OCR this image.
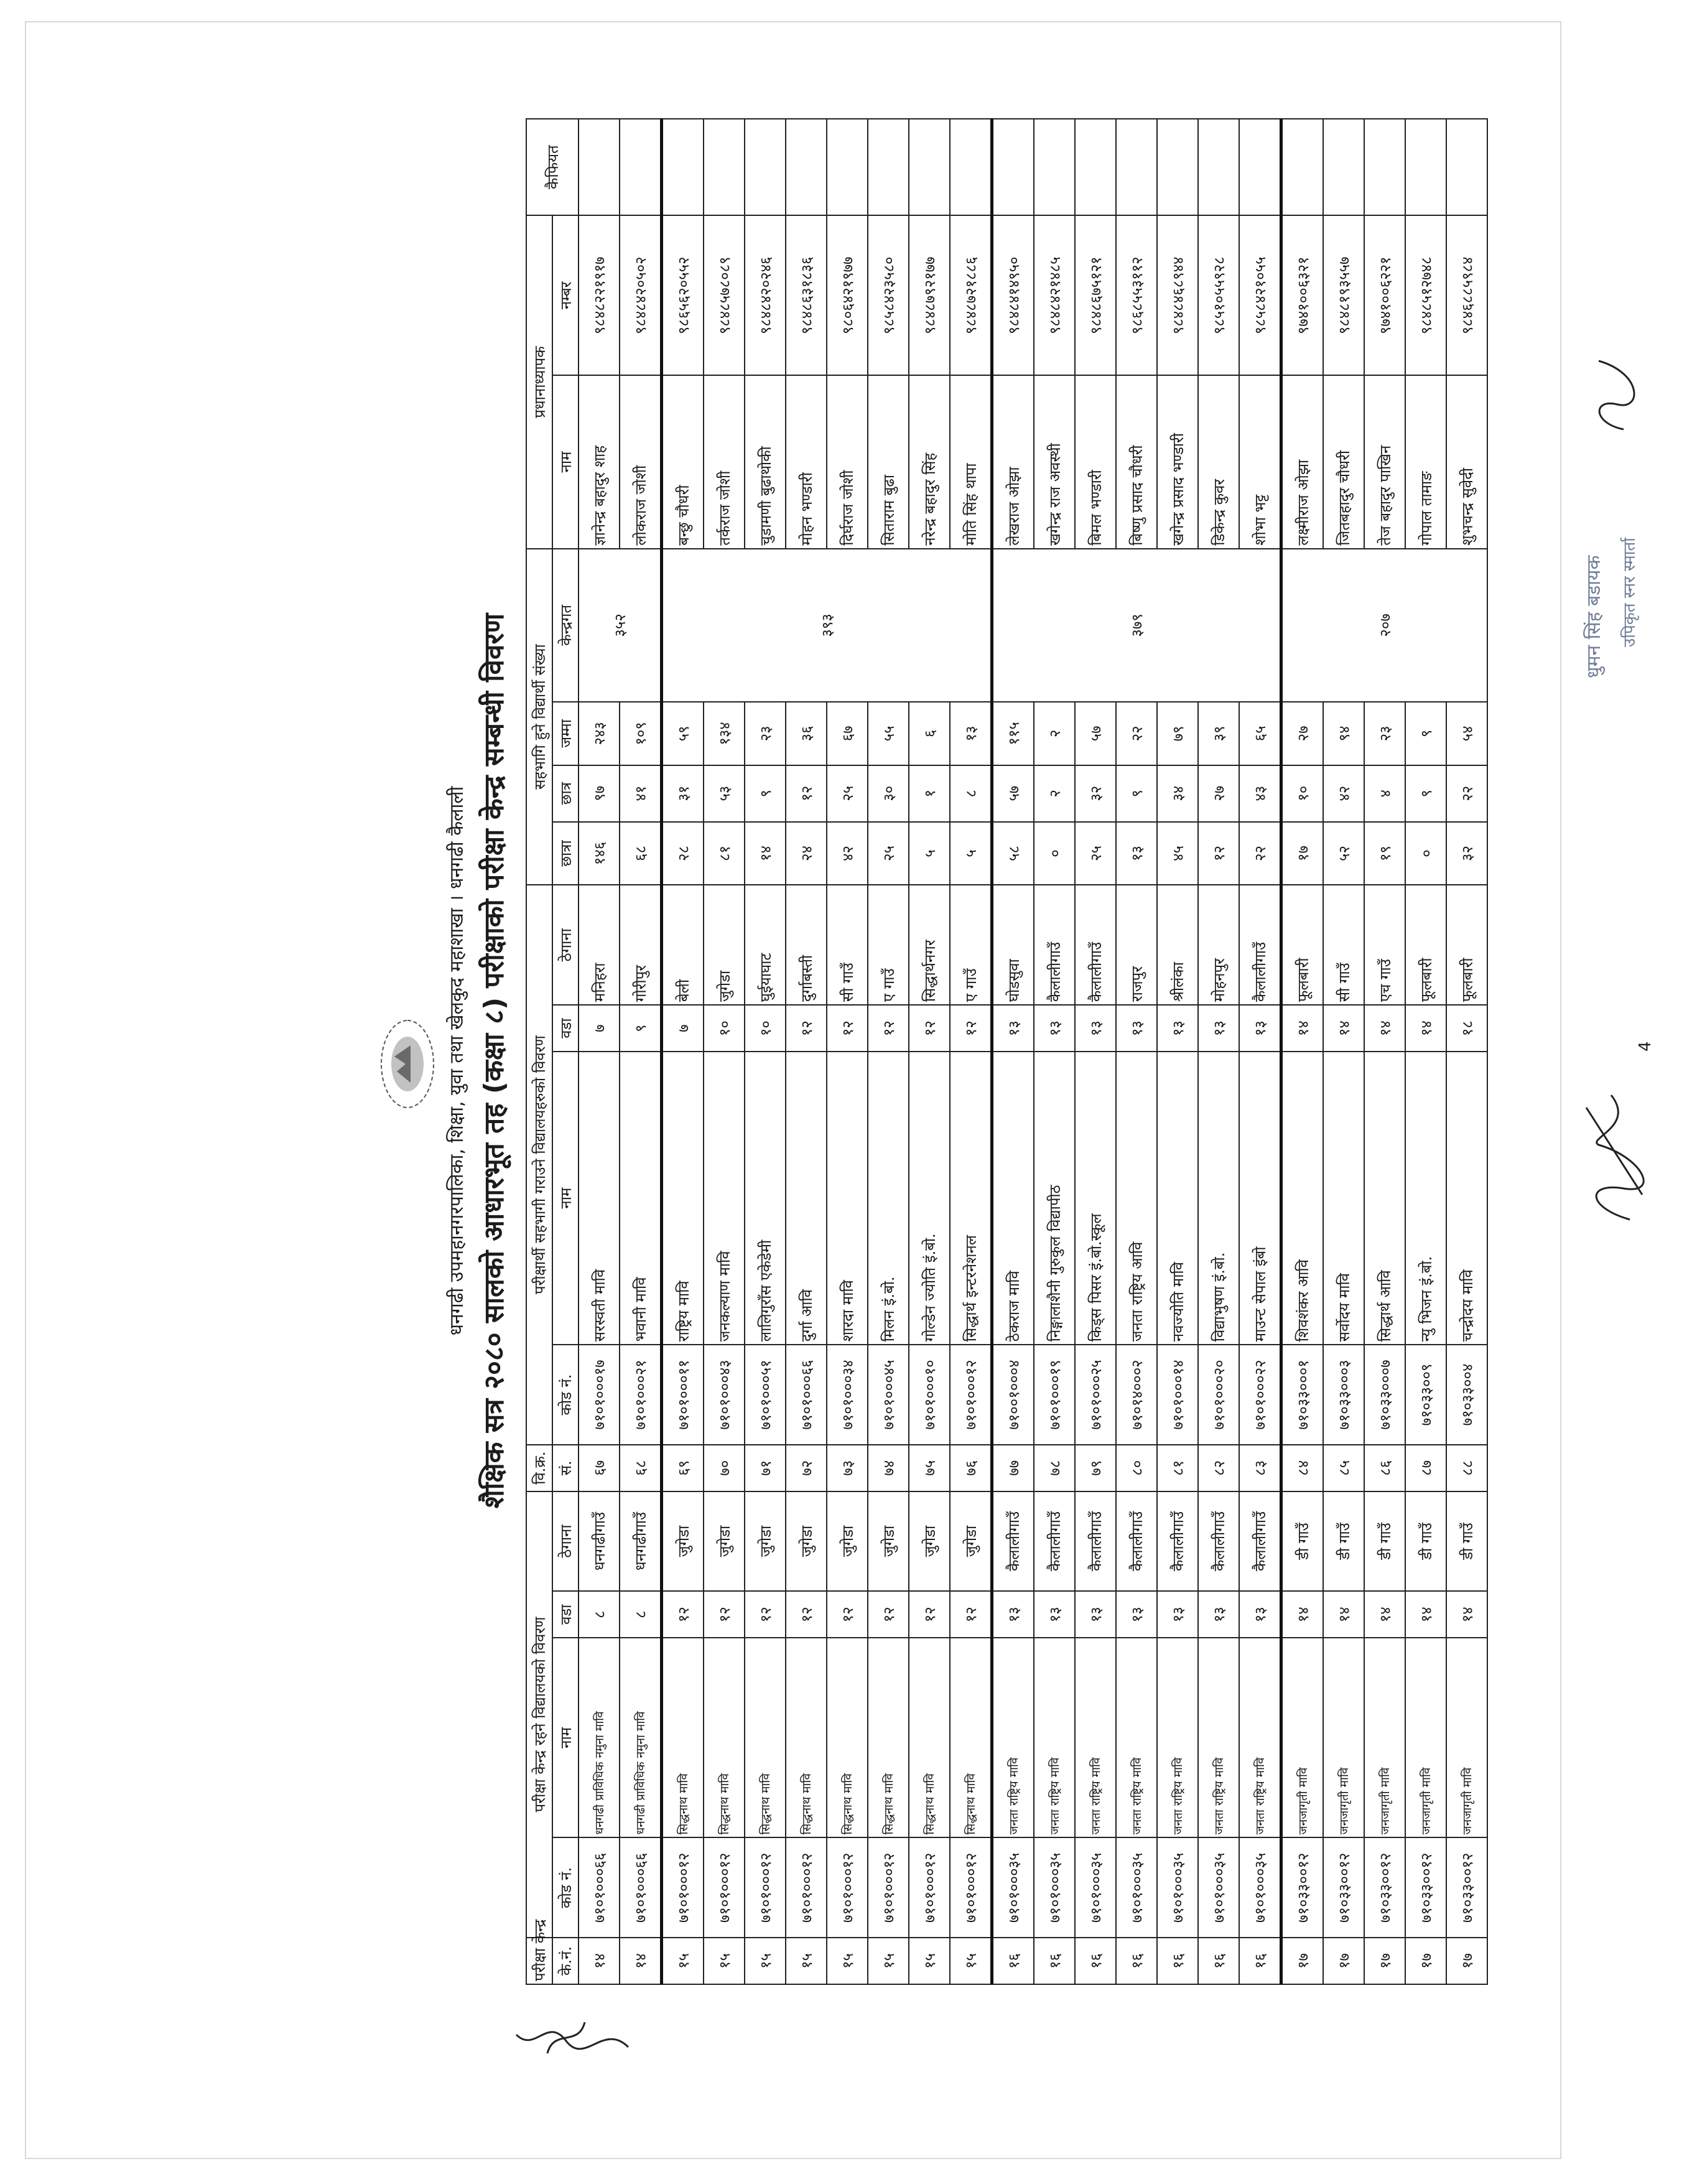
धनगढी उपमहानगरपालिका, शिक्षा, युवा तथा खेलकुद महाशाखा । धनगढी कैलाली शैक्षिक सत्र २०८० सालको आधारभूत तह (कक्षा ८) परीक्षाको परीक्षा केन्द्र सम्बन्धी विवरण
परीक्षा केन्द्र	परीक्षा केन्द्र रहने विद्यालयको विवरण				वि.क्र.	परीक्षार्थी सहभागी गराउने विद्यालयहरुको विवरण				सहभागि हुने विद्यार्थी संख्या				प्रधानाध्यापक		कैफियत
के.नं.	कोड नं.	नाम	वडा	ठेगाना	सं.	कोड नं.	नाम	वडा	ठेगाना	छात्रा	छात्र	जम्मा	केन्द्रगत	नाम	नम्बर	
१४	७१०१०००६६	धनगढी प्राविधिक नमुना मावि	८	धनगढीगाउँ	६७	७१०१०००१७	सरस्वती मावि	७	मनिहरा	१४६	९७	२४३	३५२	ज्ञानेन्द्र बहादुर शाह	९८४८२२१९१७	
१४	७१०१०००६६	धनगढी प्राविधिक नमुना मावि	८	धनगढीगाउँ	६८	७१०१०००२१	भवानी मावि	९	गोरीपुर	६८	४१	१०९		लोकराज जोशी	९८४८४२०५०२	
१५	७१०१०००१२	सिद्धनाथ मावि	१२	जुगेडा	६९	७१०१०००११	राष्ट्रिय मावि	७	बेली	२८	३१	५९	३९३	बन्छु चौधरी	९८६५६२०५५२	
१५	७१०१०००१२	सिद्धनाथ मावि	१२	जुगेडा	७०	७१०१०००४३	जनकल्याण मावि	१०	जुगेडा	८१	५३	१३४		तर्कराज जोशी	९८४८५७८०८९	
१५	७१०१०००१२	सिद्धनाथ मावि	१२	जुगेडा	७१	७१०१०००५१	लालिगुराँस एकेडेमी	१०	घुईयाघाट	१४	९	२३		चुडामणी बुढाथोकी	९८४८४२०२४६	
१५	७१०१०००१२	सिद्धनाथ मावि	१२	जुगेडा	७२	७१०१०००६६	दुर्गा आवि	१२	दुर्गाबस्ती	२४	१२	३६		मोहन भण्डारी	९८४८६३१८३६	
१५	७१०१०००१२	सिद्धनाथ मावि	१२	जुगेडा	७३	७१०१०००३४	शारदा मावि	१२	सी गाउँ	४२	२५	६७		दिर्घराज जोशी	९८०६४२१९७७	
१५	७१०१०००१२	सिद्धनाथ मावि	१२	जुगेडा	७४	७१०१०००४५	मिलन इं.बो.	१२	ए गाउँ	२५	३०	५५		सिताराम बुढा	९८५८४२३५८०	
१५	७१०१०००१२	सिद्धनाथ मावि	१२	जुगेडा	७५	७१०१०००१०	गोल्डेन ज्योति इं.बो.	१२	सिद्धार्थनगर	५	१	६		नरेन्द्र बहादुर सिंह	९८४८७९२१७७	
१५	७१०१०००१२	सिद्धनाथ मावि	१२	जुगेडा	७६	७१०१०००१२	सिद्धार्थ इन्टरनेशनल	१२	ए गाउँ	५	८	१३		मोति सिंह थापा	९८४८७२१८८६	
१६	७१०१०००३५	जनता राष्ट्रिय मावि	१३	कैलालीगाउँ	७७	७१००१०००४	ठेकराज मावि	१३	घोडसुवा	५८	५७	११५	३७९	लेखराज ओझा	९८४८४१४९५०	
१६	७१०१०००३५	जनता राष्ट्रिय मावि	१३	कैलालीगाउँ	७८	७१०१०००१९	निङ्गालाशैनी गुरुकुल विद्यापीठ	१३	कैलालीगाउँ	०	२	२		खगेन्द्र राज अवस्थी	९८४८४२१४८५	
१६	७१०१०००३५	जनता राष्ट्रिय मावि	१३	कैलालीगाउँ	७९	७१०१०००२५	किड्स पिसर इं.बो.स्कूल	१३	कैलालीगाउँ	२५	३२	५७		बिमल भण्डारी	९८४८६७५१२१	
१६	७१०१०००३५	जनता राष्ट्रिय मावि	१३	कैलालीगाउँ	८०	७१०१४०००२	जनता राष्ट्रिय आवि	१३	राजपुर	१३	९	२२		बिष्णु प्रसाद चौधरी	९८६८५५३११२	
१६	७१०१०००३५	जनता राष्ट्रिय मावि	१३	कैलालीगाउँ	८१	७१०१०००१४	नवज्योति मावि	१३	श्रीलंका	४५	३४	७९		खगेन्द्र प्रसाद भण्डारी	९८४८४६८९४४	
१६	७१०१०००३५	जनता राष्ट्रिय मावि	१३	कैलालीगाउँ	८२	७१०१०००२०	विद्याभुषण इं.बो.	१३	मोहनपुर	१२	२७	३९		डिकेन्द्र कुवर	९८५१०५५९२८	
१६	७१०१०००३५	जनता राष्ट्रिय मावि	१३	कैलालीगाउँ	८३	७१०१०००२२	माउन्ट सेपाल इंबो	१३	कैलालीगाउँ	२२	४३	६५		शोभा भट्ट	९८५८४२१०५५	
१७	७१०३३००१२	जनजागृती मावि	१४	डी गाउँ	८४	७१०३३०००१	शिवशंकर आवि	१४	फूलबारी	१७	१०	२७	२०७	लक्ष्मीराज ओझा	९७४१००६३२१	
१७	७१०३३००१२	जनजागृती मावि	१४	डी गाउँ	८५	७१०३३०००३	सर्वोदय मावि	१४	सी गाउँ	५२	४२	९४		जितबहादुर चौधरी	९८४८१९३५५७	
१७	७१०३३००१२	जनजागृती मावि	१४	डी गाउँ	८६	७१०३३०००७	सिद्धार्थ आवि	१४	एच गाउँ	१९	४	२३		तेज बहादुर पाखिन	९७४१००६२२१	
१७	७१०३३००१२	जनजागृती मावि	१४	डी गाउँ	८७	७१०३३००९	न्यु भिजन इं.बो.	१४	फूलबारी	०	९	९		गोपाल तामाङ	९८४८५१२७४८	
१७	७१०३३००१२	जनजागृती मावि	१४	डी गाउँ	८८	७१०३३००४	चन्द्रोदय मावि	१८	फूलबारी	३२	२२	५४		शुभचन्द्र सुवेदी	९८४६८८५९८४	
4
धुमन सिंह बडायक उपिकृत स्नर स्मार्ता
